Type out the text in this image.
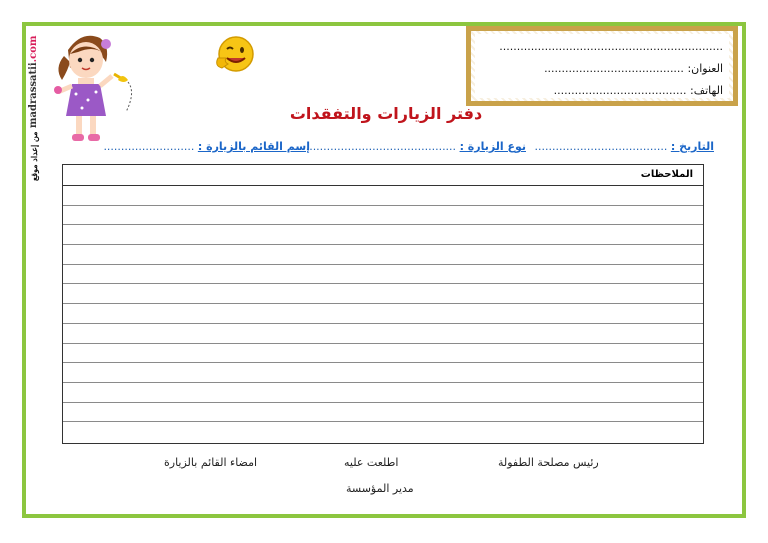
من إعداد موقع madrassatii.com	................................................................
العنوان: ........................................
الهاتف: ......................................
دفتر الزيارات والتفقدات
التاريخ : ......................................
نوع الزيارة : .............................................
إسم القائم بالزيارة : ..........................
الملاحظات
رئيس مصلحة الطفولة
اطلعت عليه
امضاء القائم بالزيارة
مدير المؤسسة
